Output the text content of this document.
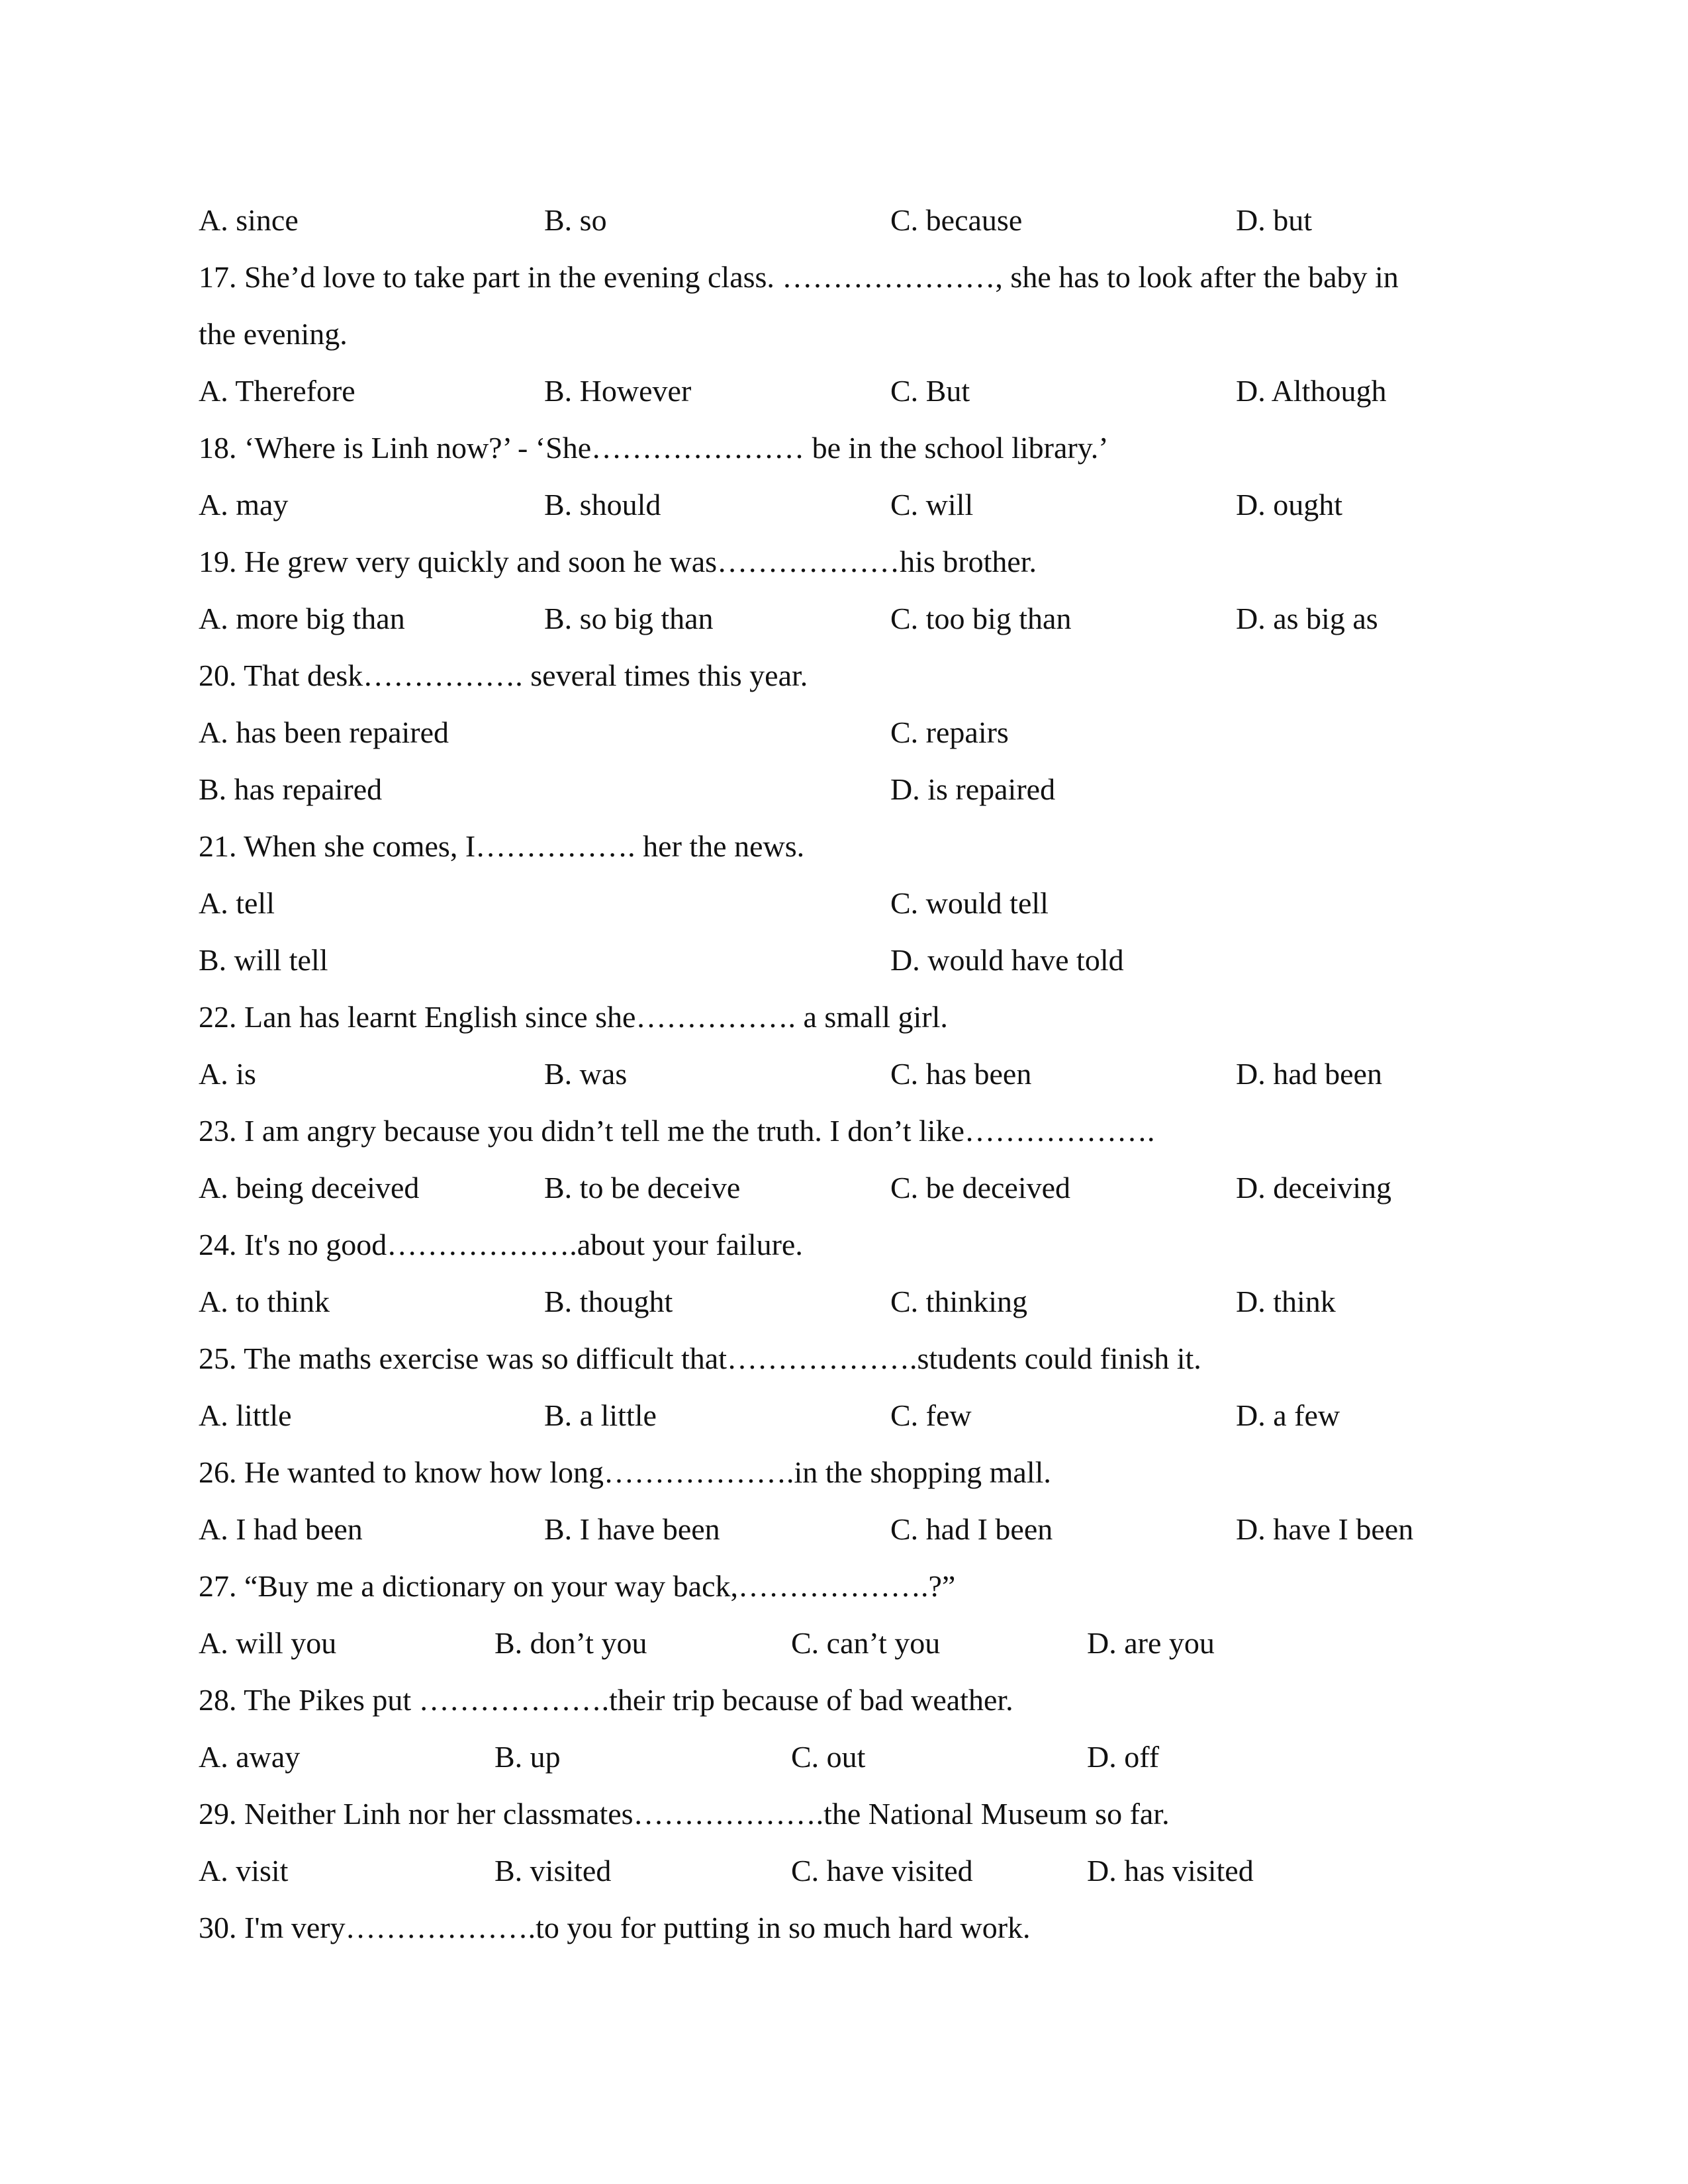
A. since	B. so	C. because	D. but
17. She’d love to take part in the evening class. …………………, she has to look after the baby in
the evening.
A. Therefore	B. However	C. But	D. Although
18. ‘Where is Linh now?’ - ‘She………………… be in the school library.’
A. may	B. should	C. will	D. ought
19. He grew very quickly and soon he was………………his brother.
A. more big than	B. so big than	C. too big than	D. as big as
20. That desk……………. several times this year.
A. has been repaired	C. repairs
B. has repaired	D. is repaired
21. When she comes, I……………. her the news.
A. tell	C. would tell
B. will tell	D. would have told
22. Lan has learnt English since she……………. a small girl.
A. is	B. was	C. has been	D. had been
23. I am angry because you didn’t tell me the truth. I don’t like……………….
A. being deceived	B. to be deceive	C. be deceived	D. deceiving
24. It's no good……………….about your failure.
A. to think	B. thought	C. thinking	D. think
25. The maths exercise was so difficult that……………….students could finish it.
A. little	B. a little	C. few	D. a few
26. He wanted to know how long……………….in the shopping mall.
A. I had been	B. I have been	C. had I been	D. have I been
27. “Buy me a dictionary on your way back,……………….?”
A. will you	B. don’t you	C. can’t you	D. are you
28. The Pikes put ……………….their trip because of bad weather.
A. away	B. up	C. out	D. off
29. Neither Linh nor her classmates……………….the National Museum so far.
A. visit	B. visited	C. have visited	D. has visited
30. I'm very……………….to you for putting in so much hard work.
